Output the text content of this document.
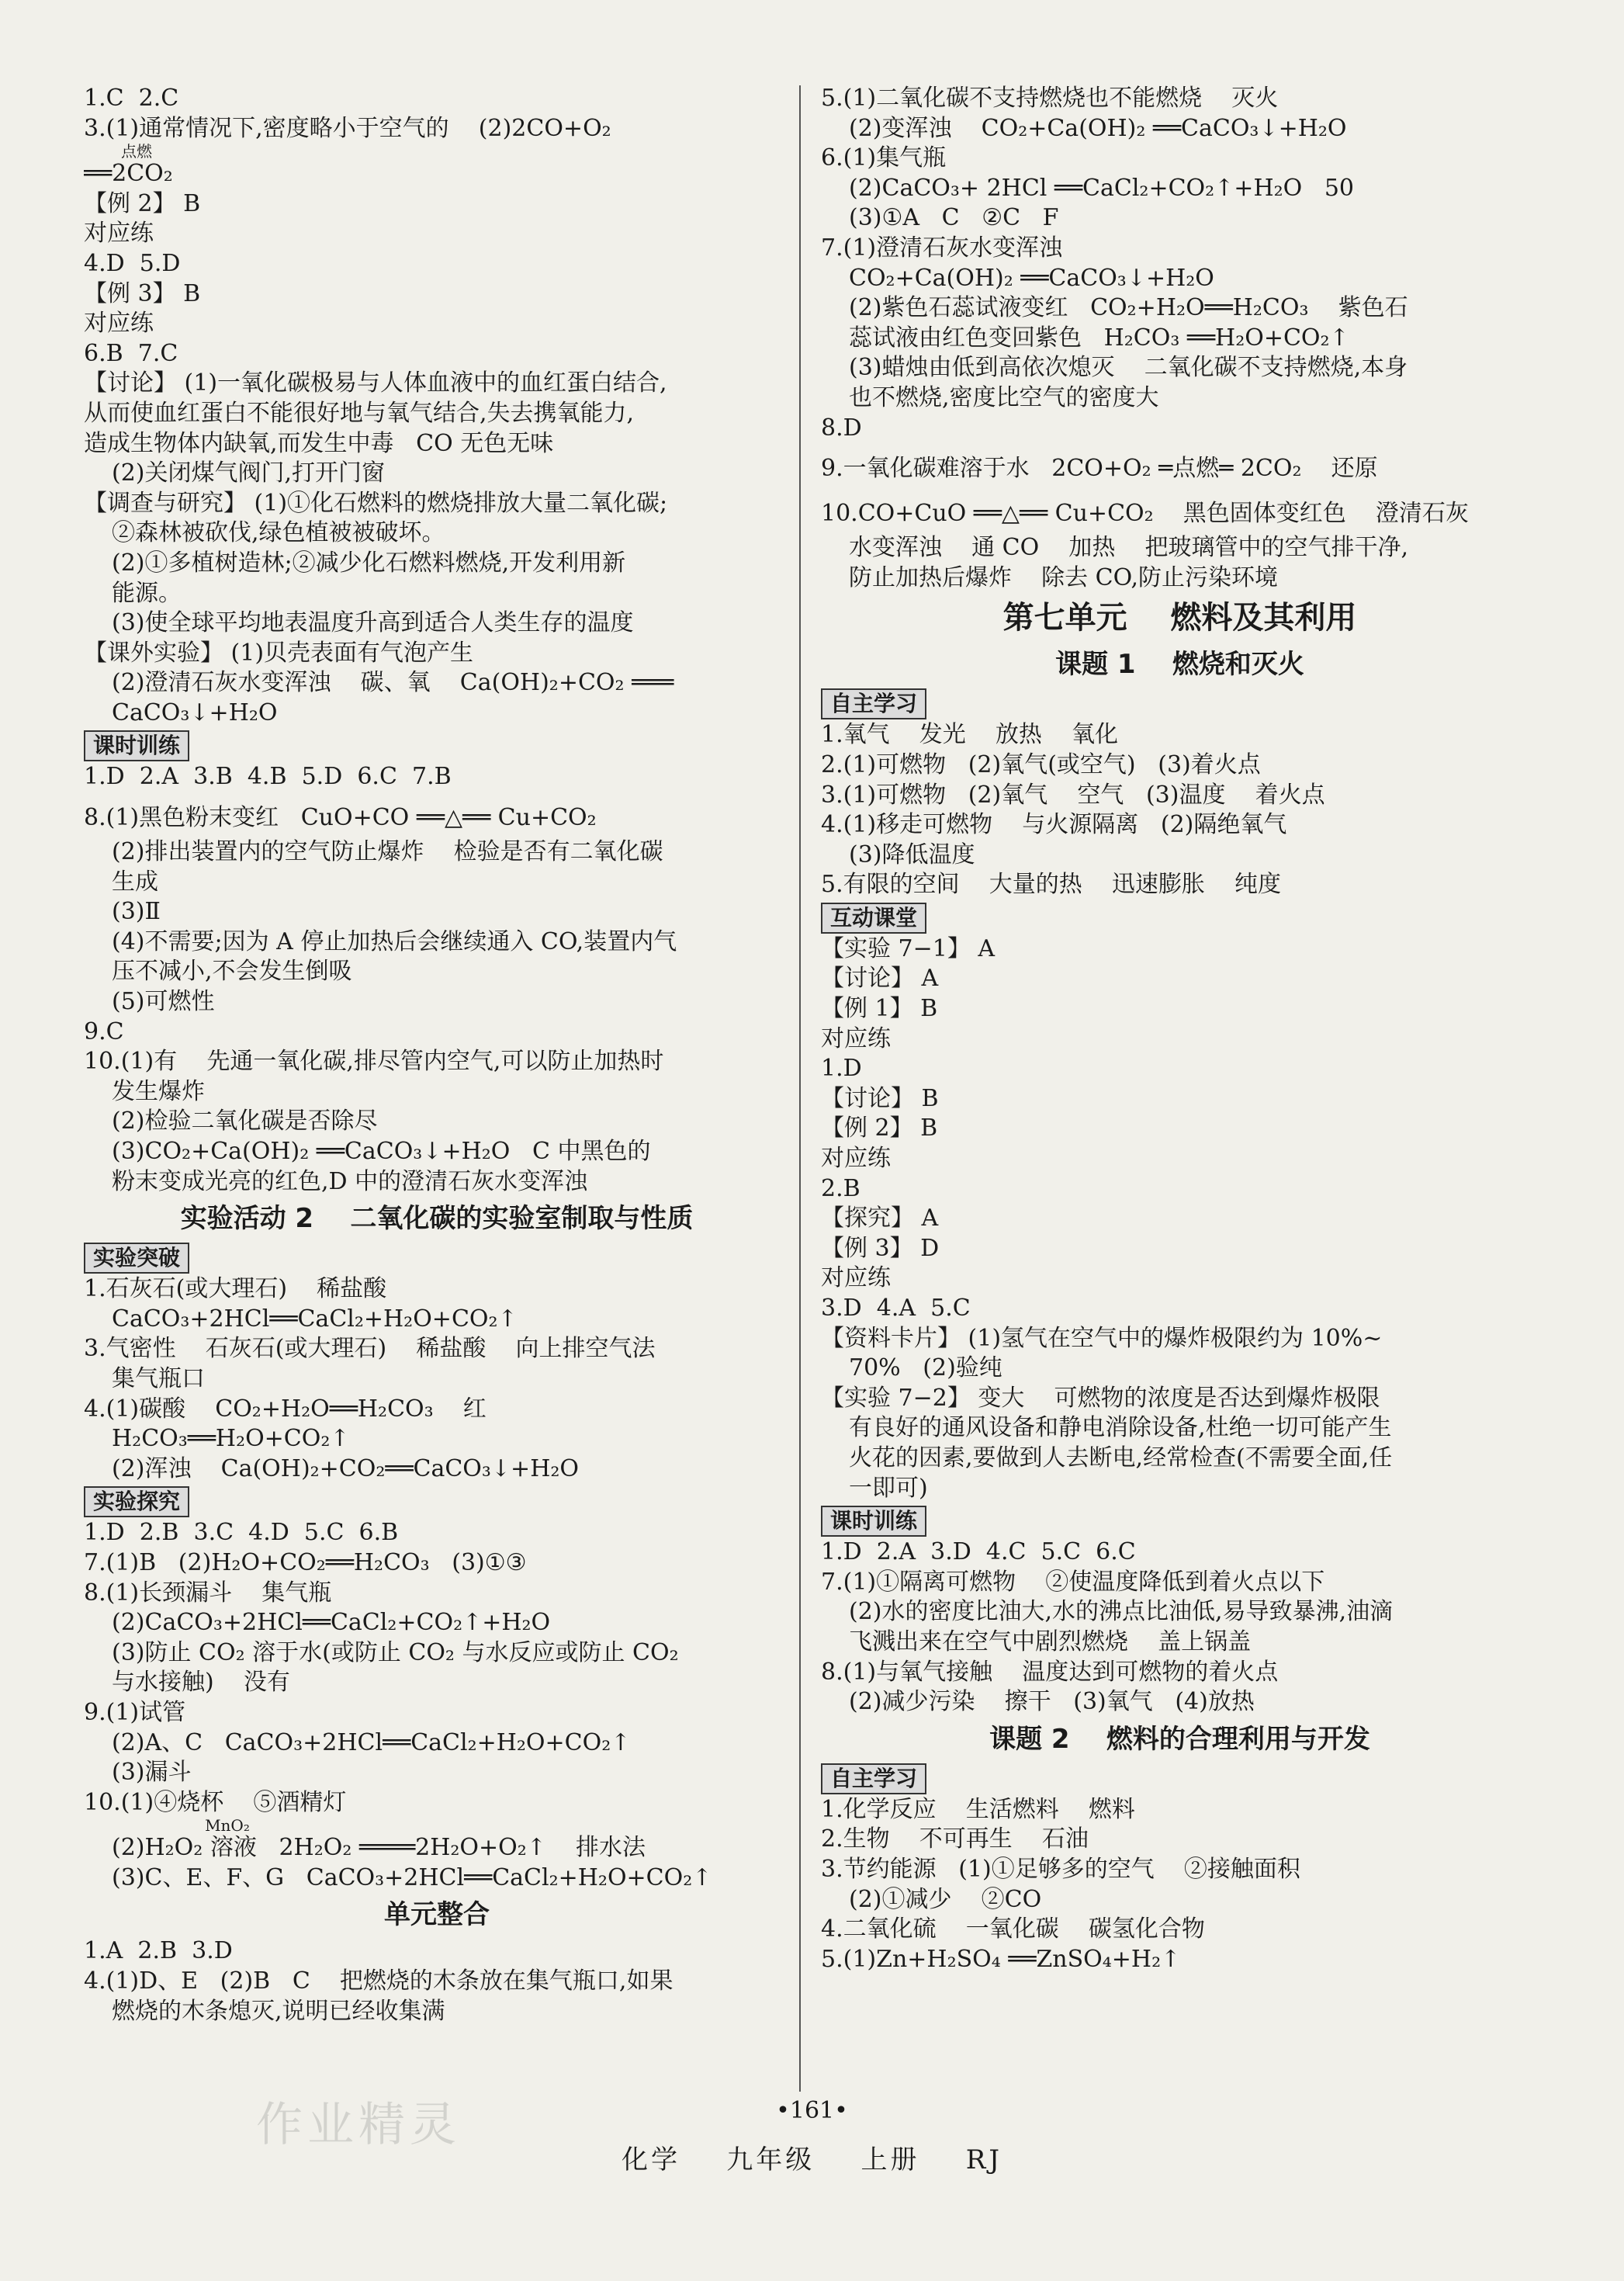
1.C  2.C
3.(1)通常情况下,密度略小于空气的    (2)2CO+O₂
点燃
══2CO₂
【例 2】 B
对应练
4.D  5.D
【例 3】 B
对应练
6.B  7.C
【讨论】 (1)一氧化碳极易与人体血液中的血红蛋白结合,
从而使血红蛋白不能很好地与氧气结合,失去携氧能力,
造成生物体内缺氧,而发生中毒   CO 无色无味
(2)关闭煤气阀门,打开门窗
【调查与研究】 (1)①化石燃料的燃烧排放大量二氧化碳;
②森林被砍伐,绿色植被被破坏。
(2)①多植树造林;②减少化石燃料燃烧,开发利用新
能源。
(3)使全球平均地表温度升高到适合人类生存的温度
【课外实验】 (1)贝壳表面有气泡产生
(2)澄清石灰水变浑浊    碳、氧    Ca(OH)₂+CO₂ ═══
CaCO₃↓+H₂O
课时训练
1.D  2.A  3.B  4.B  5.D  6.C  7.B
8.(1)黑色粉末变红   CuO+CO ══△══ Cu+CO₂
(2)排出装置内的空气防止爆炸    检验是否有二氧化碳
生成
(3)Ⅱ
(4)不需要;因为 A 停止加热后会继续通入 CO,装置内气
压不减小,不会发生倒吸
(5)可燃性
9.C
10.(1)有    先通一氧化碳,排尽管内空气,可以防止加热时
发生爆炸
(2)检验二氧化碳是否除尽
(3)CO₂+Ca(OH)₂ ══CaCO₃↓+H₂O   C 中黑色的
粉末变成光亮的红色,D 中的澄清石灰水变浑浊
实验活动 2    二氧化碳的实验室制取与性质
实验突破
1.石灰石(或大理石)    稀盐酸
CaCO₃+2HCl══CaCl₂+H₂O+CO₂↑
3.气密性    石灰石(或大理石)    稀盐酸    向上排空气法
集气瓶口
4.(1)碳酸    CO₂+H₂O══H₂CO₃    红
H₂CO₃══H₂O+CO₂↑
(2)浑浊    Ca(OH)₂+CO₂══CaCO₃↓+H₂O
实验探究
1.D  2.B  3.C  4.D  5.C  6.B
7.(1)B   (2)H₂O+CO₂══H₂CO₃   (3)①③
8.(1)长颈漏斗    集气瓶
(2)CaCO₃+2HCl══CaCl₂+CO₂↑+H₂O
(3)防止 CO₂ 溶于水(或防止 CO₂ 与水反应或防止 CO₂
与水接触)    没有
9.(1)试管
(2)A、C   CaCO₃+2HCl══CaCl₂+H₂O+CO₂↑
(3)漏斗
10.(1)④烧杯    ⑤酒精灯
MnO₂
(2)H₂O₂ 溶液   2H₂O₂ ════2H₂O+O₂↑    排水法
(3)C、E、F、G   CaCO₃+2HCl══CaCl₂+H₂O+CO₂↑
单元整合
1.A  2.B  3.D
4.(1)D、E   (2)B   C    把燃烧的木条放在集气瓶口,如果
燃烧的木条熄灭,说明已经收集满
5.(1)二氧化碳不支持燃烧也不能燃烧    灭火
(2)变浑浊    CO₂+Ca(OH)₂ ══CaCO₃↓+H₂O
6.(1)集气瓶
(2)CaCO₃+ 2HCl ══CaCl₂+CO₂↑+H₂O   50
(3)①A   C   ②C   F
7.(1)澄清石灰水变浑浊
CO₂+Ca(OH)₂ ══CaCO₃↓+H₂O
(2)紫色石蕊试液变红   CO₂+H₂O══H₂CO₃    紫色石
蕊试液由红色变回紫色   H₂CO₃ ══H₂O+CO₂↑
(3)蜡烛由低到高依次熄灭    二氧化碳不支持燃烧,本身
也不燃烧,密度比空气的密度大
8.D
9.一氧化碳难溶于水   2CO+O₂ ═点燃═ 2CO₂    还原
10.CO+CuO ══△══ Cu+CO₂    黑色固体变红色    澄清石灰
水变浑浊    通 CO    加热    把玻璃管中的空气排干净,
防止加热后爆炸    除去 CO,防止污染环境
第七单元    燃料及其利用
课题 1    燃烧和灭火
自主学习
1.氧气    发光    放热    氧化
2.(1)可燃物   (2)氧气(或空气)   (3)着火点
3.(1)可燃物   (2)氧气    空气   (3)温度    着火点
4.(1)移走可燃物    与火源隔离   (2)隔绝氧气
(3)降低温度
5.有限的空间    大量的热    迅速膨胀    纯度
互动课堂
【实验 7−1】 A
【讨论】 A
【例 1】 B
对应练
1.D
【讨论】 B
【例 2】 B
对应练
2.B
【探究】 A
【例 3】 D
对应练
3.D  4.A  5.C
【资料卡片】 (1)氢气在空气中的爆炸极限约为 10%~
70%   (2)验纯
【实验 7−2】 变大    可燃物的浓度是否达到爆炸极限
有良好的通风设备和静电消除设备,杜绝一切可能产生
火花的因素,要做到人去断电,经常检查(不需要全面,任
一即可)
课时训练
1.D  2.A  3.D  4.C  5.C  6.C
7.(1)①隔离可燃物    ②使温度降低到着火点以下
(2)水的密度比油大,水的沸点比油低,易导致暴沸,油滴
飞溅出来在空气中剧烈燃烧    盖上锅盖
8.(1)与氧气接触    温度达到可燃物的着火点
(2)减少污染    擦干   (3)氧气   (4)放热
课题 2    燃料的合理利用与开发
自主学习
1.化学反应    生活燃料    燃料
2.生物    不可再生    石油
3.节约能源   (1)①足够多的空气    ②接触面积
(2)①减少    ②CO
4.二氧化硫    一氧化碳    碳氢化合物
5.(1)Zn+H₂SO₄ ══ZnSO₄+H₂↑
作业精灵	•161•
化学    九年级    上册    RJ
